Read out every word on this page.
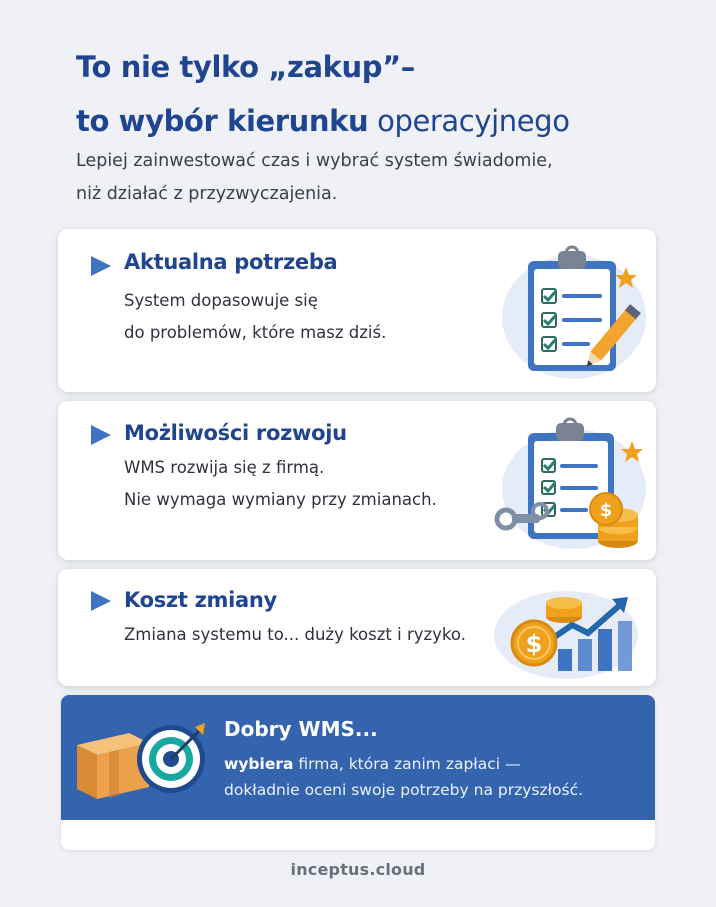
To nie tylko „zakup”–
to wybór kierunku operacyjnego
Lepiej zainwestować czas i wybrać system świadomie,
niż działać z przyzwyczajenia.
Aktualna potrzeba
System dopasowuje się
do problemów, które masz dziś.
Możliwości rozwoju
WMS rozwija się z firmą.
Nie wymaga wymiany przy zmianach.
$
Koszt zmiany
Zmiana systemu to... duży koszt i ryzyko. $
Dobry WMS...
wybiera firma, która zanim zapłaci —
dokładnie oceni swoje potrzeby na przyszłość.
inceptus.cloud
